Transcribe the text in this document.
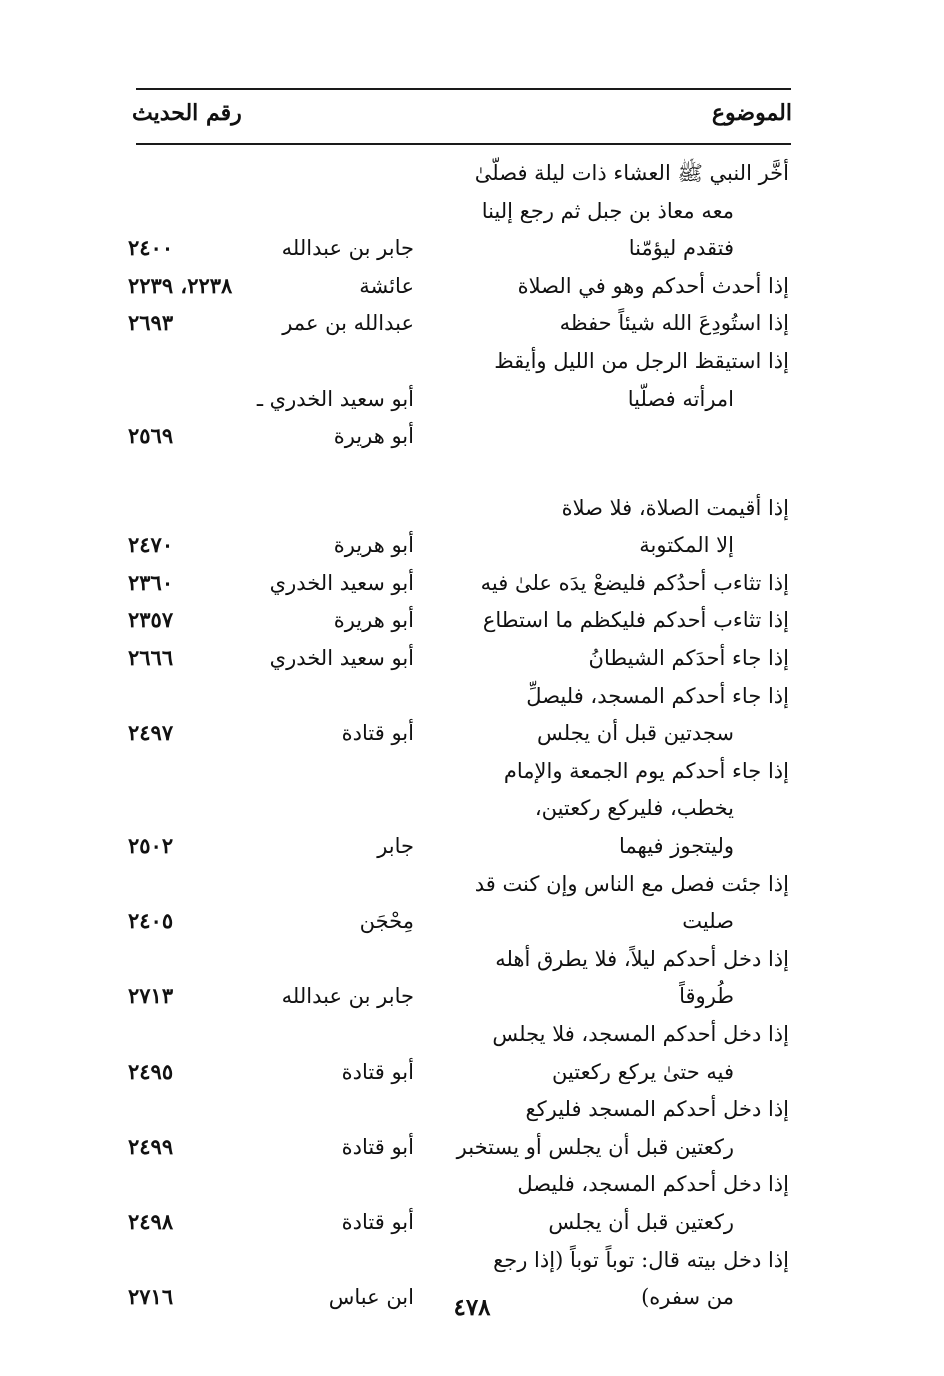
الموضوع
رقم الحديث
أخَّر النبي ﷺ العشاء ذات ليلة فصلّىٰ
معه معاذ بن جبل ثم رجع إلينا
فتقدم ليؤمّنا
جابر بن عبدالله
٢٤٠٠
إذا أحدث أحدكم وهو في الصلاة
عائشة
٢٢٣٨، ٢٢٣٩
إذا استُودِعَ الله شيئاً حفظه
عبدالله بن عمر
٢٦٩٣
إذا استيقظ الرجل من الليل وأيقظ
امرأته فصلّيا
أبو سعيد الخدري ـ
أبو هريرة
٢٥٦٩
إذا أقيمت الصلاة، فلا صلاة
إلا المكتوبة
أبو هريرة
٢٤٧٠
إذا تثاءب أحدُكم فليضعْ يدَه علىٰ فيه
أبو سعيد الخدري
٢٣٦٠
إذا تثاءب أحدكم فليكظم ما استطاع
أبو هريرة
٢٣٥٧
إذا جاء أحدَكم الشيطانُ
أبو سعيد الخدري
٢٦٦٦
إذا جاء أحدكم المسجد، فليصلِّ
سجدتين قبل أن يجلس
أبو قتادة
٢٤٩٧
إذا جاء أحدكم يوم الجمعة والإمام
يخطب، فليركع ركعتين،
وليتجوز فيهما
جابر
٢٥٠٢
إذا جئت فصل مع الناس وإن كنت قد
صليت
مِحْجَن
٢٤٠٥
إذا دخل أحدكم ليلاً، فلا يطرق أهله
طُروقاً
جابر بن عبدالله
٢٧١٣
إذا دخل أحدكم المسجد، فلا يجلس
فيه حتىٰ يركع ركعتين
أبو قتادة
٢٤٩٥
إذا دخل أحدكم المسجد فليركع
ركعتين قبل أن يجلس أو يستخبر
أبو قتادة
٢٤٩٩
إذا دخل أحدكم المسجد، فليصل
ركعتين قبل أن يجلس
أبو قتادة
٢٤٩٨
إذا دخل بيته قال: توباً توباً (إذا رجع
من سفره)
ابن عباس
٢٧١٦	٤٧٨
